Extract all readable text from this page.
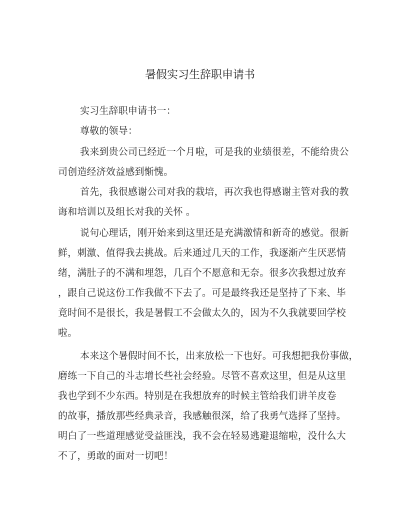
暑假实习生辞职申请书
实习生辞职申请书一：
尊敬的领导：
我来到贵公司已经近一个月啦，可是我的业绩很差，不能给贵公
司创造经济效益感到惭愧。
首先，我很感谢公司对我的栽培，再次我也得感谢主管对我的教
诲和培训以及组长对我的关怀 。
说句心理话，刚开始来到这里还是充满激情和新奇的感觉。很新
鲜，刺激、值得我去挑战。后来通过几天的工作，我逐渐产生厌恶情
绪，满肚子的不满和埋怨，几百个不愿意和无奈。很多次我想过放弃
，跟自己说这份工作我做不下去了。可是最终我还是坚持了下来、毕
竟时间不是很长，我是暑假工不会做太久的，因为不久我就要回学校
啦。
本来这个暑假时间不长，出来放松一下也好。可我想把我份事做，
磨练一下自己的斗志增长些社会经验。尽管不喜欢这里，但是从这里
我也学到不少东西。特别是在我想放弃的时候主管给我们讲羊皮卷
的故事，播放那些经典录音，我感触很深，给了我勇气选择了坚持。
明白了一些道理感觉受益匪浅，我不会在轻易逃避退缩啦，没什么大
不了，勇敢的面对一切吧！
